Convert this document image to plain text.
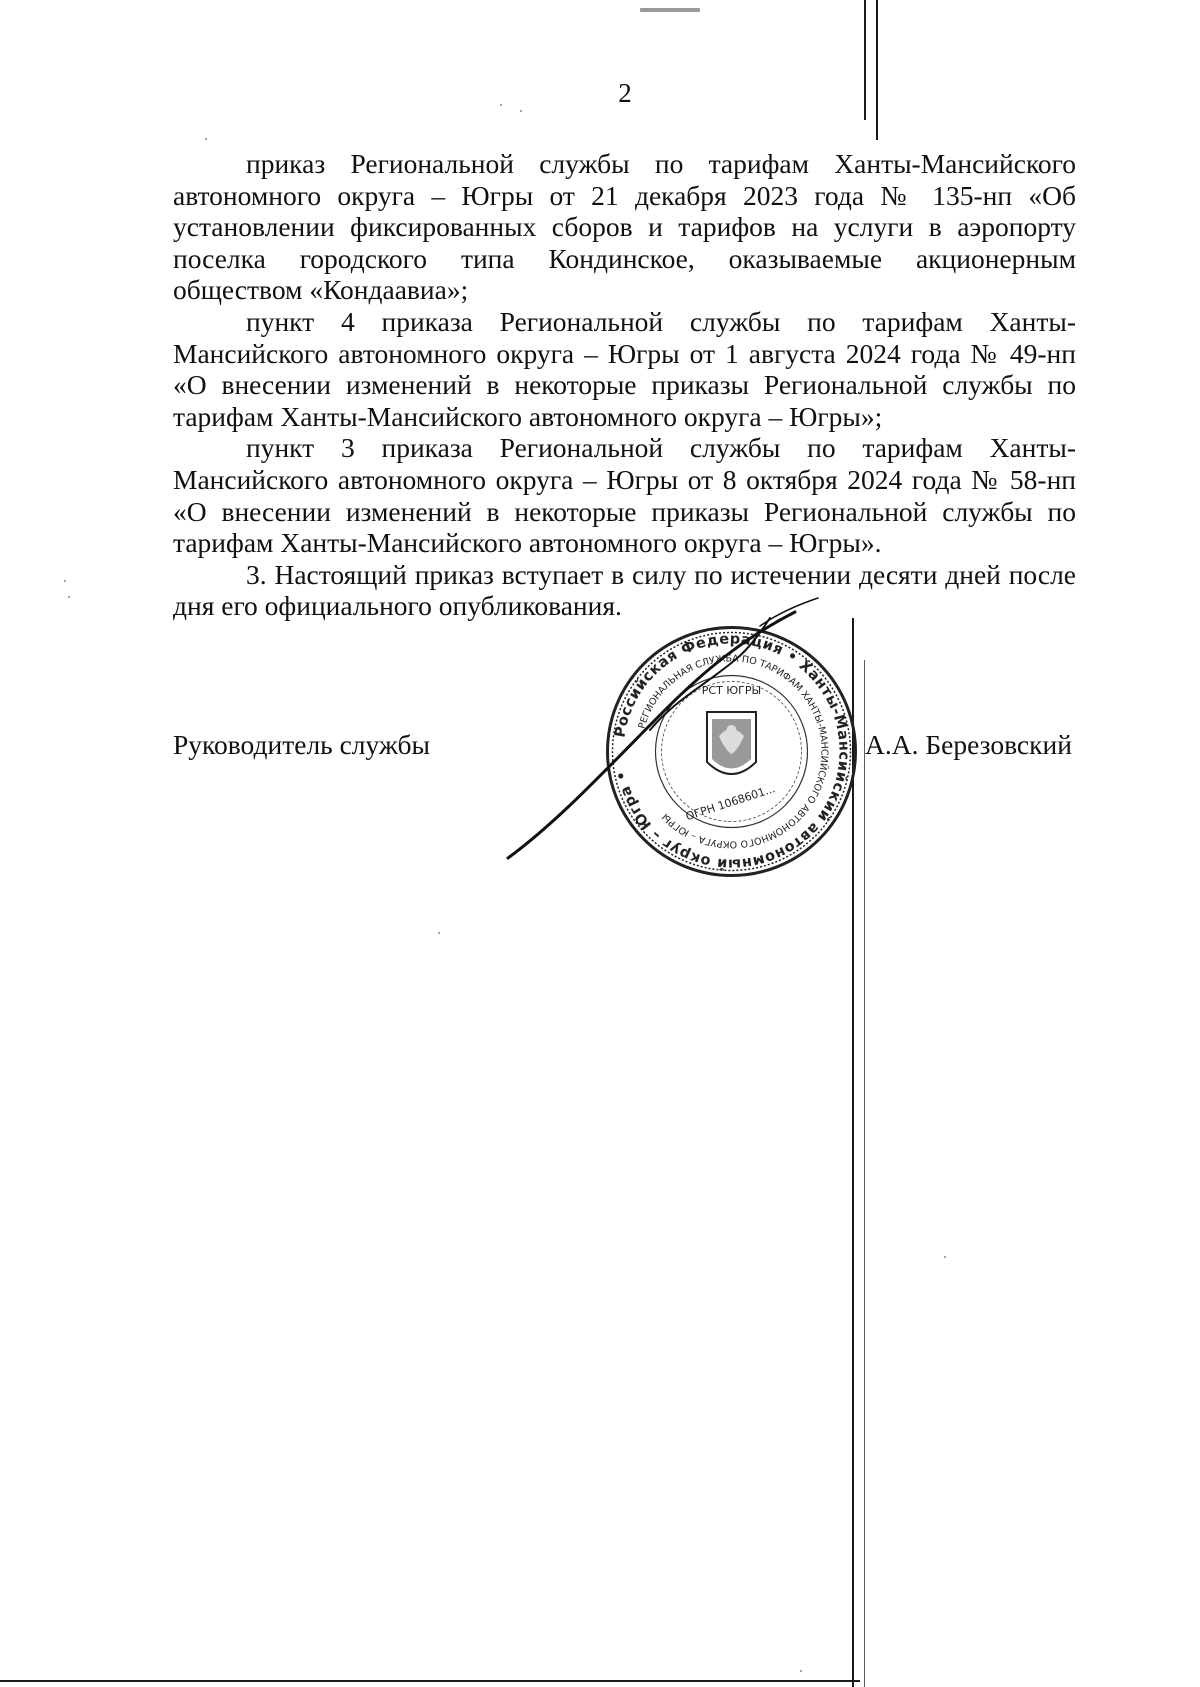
2

приказ Региональной службы по тарифам Ханты-Мансийского автономного округа – Югры от 21 декабря 2023 года № 135-нп «Об установлении фиксированных сборов и тарифов на услуги в аэропорту поселка городского типа Кондинское, оказываемые акционерным обществом «Кондаавиа»;

пункт 4 приказа Региональной службы по тарифам Ханты-Мансийского автономного округа – Югры от 1 августа 2024 года № 49-нп «О внесении изменений в некоторые приказы Региональной службы по тарифам Ханты-Мансийского автономного округа – Югры»;

пункт 3 приказа Региональной службы по тарифам Ханты-Мансийского автономного округа – Югры от 8 октября 2024 года № 58-нп «О внесении изменений в некоторые приказы Региональной службы по тарифам Ханты-Мансийского автономного округа – Югры».

3. Настоящий приказ вступает в силу по истечении десяти дней после дня его официального опубликования.

Российская Федерация • Ханты-Мансийский автономный округ – Югра •
РЕГИОНАЛЬНАЯ СЛУЖБА ПО ТАРИФАМ ХАНТЫ-МАНСИЙСКОГО АВТОНОМНОГО ОКРУГА – ЮГРЫ
РСТ ЮГРЫ
ОГРН 1068601...
Руководитель службы	А.А. Березовский
